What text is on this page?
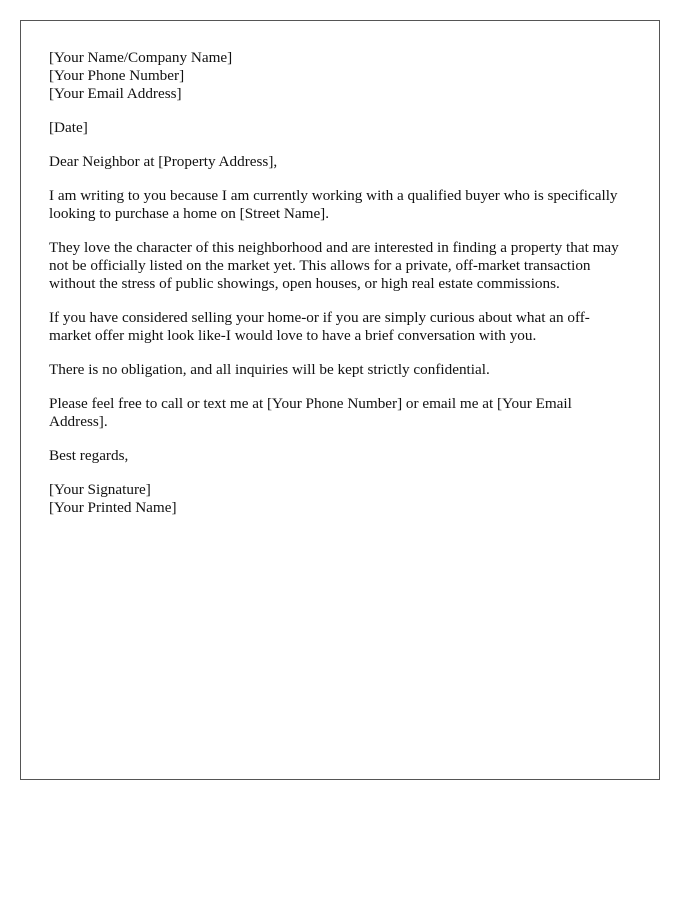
[Your Name/Company Name]
[Your Phone Number]
[Your Email Address]
[Date]

Dear Neighbor at [Property Address],

I am writing to you because I am currently working with a qualified buyer who is specifically looking to purchase a home on [Street Name].

They love the character of this neighborhood and are interested in finding a property that may not be officially listed on the market yet. This allows for a private, off-market transaction without the stress of public showings, open houses, or high real estate commissions.

If you have considered selling your home-or if you are simply curious about what an off-market offer might look like-I would love to have a brief conversation with you.

There is no obligation, and all inquiries will be kept strictly confidential.

Please feel free to call or text me at [Your Phone Number] or email me at [Your Email Address].

Best regards,

[Your Signature]
[Your Printed Name]
